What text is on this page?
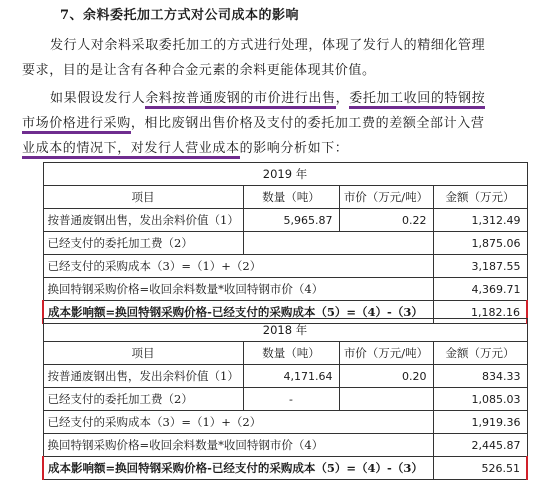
7、余料委托加工方式对公司成本的影响
发行人对余料采取委托加工的方式进行处理，体现了发行人的精细化管理
要求，目的是让含有各种合金元素的余料更能体现其价值。
如果假设发行人余料按普通废钢的市价进行出售，委托加工收回的特钢按
市场价格进行采购，相比废钢出售价格及支付的委托加工费的差额全部计入营
业成本的情况下，对发行人营业成本的影响分析如下：
2019 年			
项目	数量（吨）	市价（万元/吨）	金额（万元）
按普通废钢出售，发出余料价值（1）	5,965.87	0.22	1,312.49
已经支付的委托加工费（2）			1,875.06
已经支付的采购成本（3）=（1）+（2）			3,187.55
换回特钢采购价格=收回余料数量*收回特钢市价（4）			4,369.71
成本影响额=换回特钢采购价格-已经支付的采购成本（5）=（4）-（3）			1,182.16
2018 年			
项目	数量（吨）	市价（万元/吨）	金额（万元）
按普通废钢出售，发出余料价值（1）	4,171.64	0.20	834.33
已经支付的委托加工费（2）	-		1,085.03
已经支付的采购成本（3）=（1）+（2）			1,919.36
换回特钢采购价格=收回余料数量*收回特钢市价（4）			2,445.87
成本影响额=换回特钢采购价格-已经支付的采购成本（5）=（4）-（3）			526.51
